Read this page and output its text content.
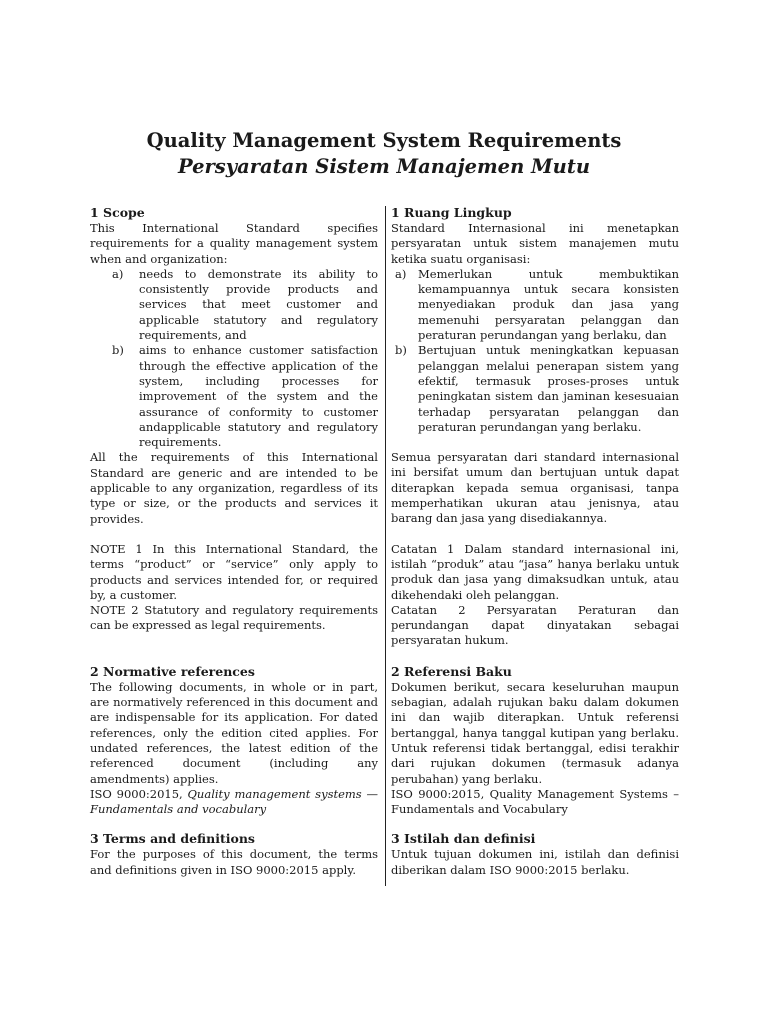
Quality Management System Requirements

Persyaratan Sistem Manajemen Mutu

1 Scope

This International Standard specifies requirements for a quality management system when and organization:

a) needs to demonstrate its ability to consistently provide products and services that meet customer and applicable statutory and regulatory requirements, and
b) aims to enhance customer satisfaction through the effective application of the system, including processes for improvement of the system and the assurance of conformity to customer andapplicable statutory and regulatory requirements.

All the requirements of this International Standard are generic and are intended to be applicable to any organization, regardless of its type or size, or the products and services it provides.

NOTE 1 In this International Standard, the terms “product” or “service” only apply to products and services intended for, or required by, a customer.

NOTE 2 Statutory and regulatory requirements can be expressed as legal requirements.

2 Normative references

The following documents, in whole or in part, are normatively referenced in this document and are indispensable for its application. For dated references, only the edition cited applies. For undated references, the latest edition of the referenced document (including any amendments) applies.

ISO 9000:2015, Quality management systems — Fundamentals and vocabulary

3 Terms and definitions

For the purposes of this document, the terms and definitions given in ISO 9000:2015 apply.

1 Ruang Lingkup

Standard Internasional ini menetapkan persyaratan untuk sistem manajemen mutu ketika suatu organisasi:

a) Memerlukan untuk membuktikan kemampuannya untuk secara konsisten menyediakan produk dan jasa yang memenuhi persyaratan pelanggan dan peraturan perundangan yang berlaku, dan
b) Bertujuan untuk meningkatkan kepuasan pelanggan melalui penerapan sistem yang efektif, termasuk proses-proses untuk peningkatan sistem dan jaminan kesesuaian terhadap persyaratan pelanggan dan peraturan perundangan yang berlaku.

Semua persyaratan dari standard internasional ini bersifat umum dan bertujuan untuk dapat diterapkan kepada semua organisasi, tanpa memperhatikan ukuran atau jenisnya, atau barang dan jasa yang disediakannya.

Catatan 1 Dalam standard internasional ini, istilah “produk” atau “jasa” hanya berlaku untuk produk dan jasa yang dimaksudkan untuk, atau dikehendaki oleh pelanggan.

Catatan 2 Persyaratan Peraturan dan perundangan dapat dinyatakan sebagai persyaratan hukum.

2 Referensi Baku

Dokumen berikut, secara keseluruhan maupun sebagian, adalah rujukan baku dalam dokumen ini dan wajib diterapkan. Untuk referensi bertanggal, hanya tanggal kutipan yang berlaku. Untuk referensi tidak bertanggal, edisi terakhir dari rujukan dokumen (termasuk adanya perubahan) yang berlaku.

ISO 9000:2015, Quality Management Systems – Fundamentals and Vocabulary

3 Istilah dan definisi

Untuk tujuan dokumen ini, istilah dan definisi diberikan dalam ISO 9000:2015 berlaku.
